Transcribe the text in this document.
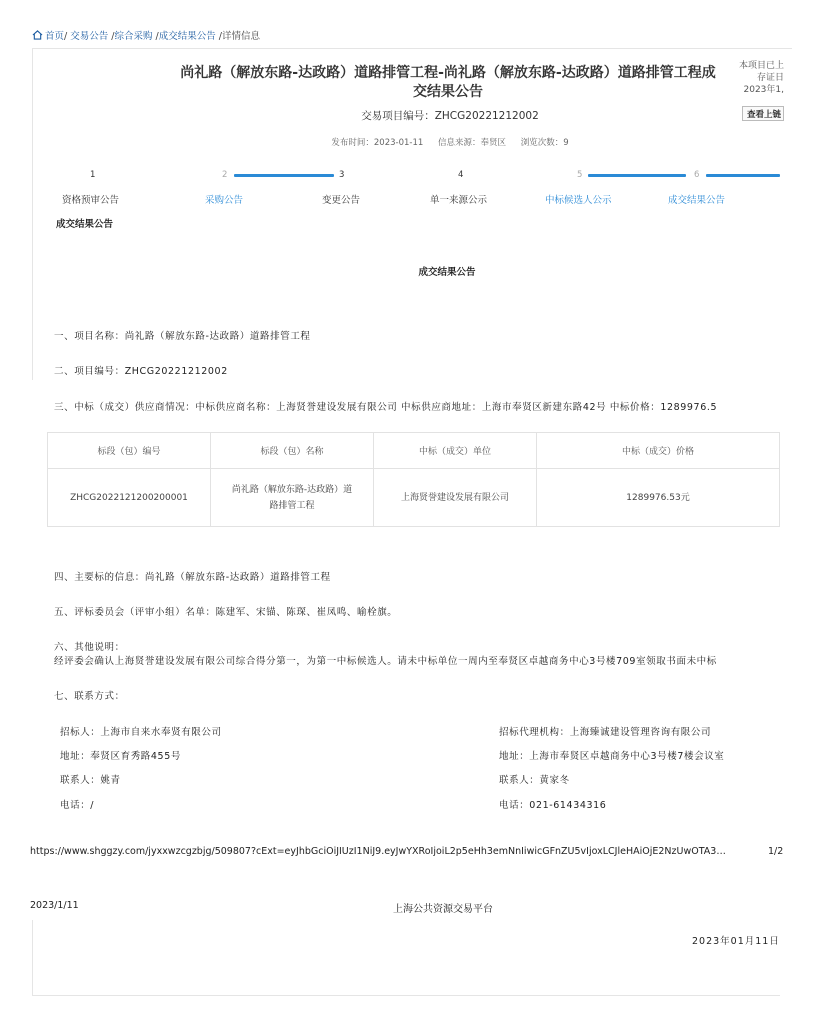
首页/ 交易公告 /综合采购 /成交结果公告 /详情信息
尚礼路（解放东路-达政路）道路排管工程-尚礼路（解放东路-达政路）道路排管工程成交结果公告
交易项目编号：ZHCG20221212002
发布时间：2023-01-11 信息来源：奉贤区 浏览次数：9
本项目已上
存证日
2023年1,
查看上链
1	2	3	4	5	6
资格预审公告	采购公告	变更公告	单一来源公示	中标候选人公示	成交结果公告
成交结果公告
成交结果公告
一、项目名称：尚礼路（解放东路-达政路）道路排管工程
二、项目编号：ZHCG20221212002
三、中标（成交）供应商情况：中标供应商名称：上海贤誉建设发展有限公司 中标供应商地址：上海市奉贤区新建东路42号 中标价格：1289976.5
标段（包）编号	标段（包）名称	中标（成交）单位	中标（成交）价格
ZHCG2022121200200001	尚礼路（解放东路-达政路）道
路排管工程	上海贤誉建设发展有限公司	1289976.53元
四、主要标的信息：尚礼路（解放东路-达政路）道路排管工程
五、评标委员会（评审小组）名单：陈建军、宋锚、陈琛、崔凤鸣、喻栓旗。
六、其他说明：
经评委会确认上海贤誉建设发展有限公司综合得分第一，为第一中标候选人。请未中标单位一周内至奉贤区卓越商务中心3号楼709室领取书面未中标
七、联系方式：
招标人：上海市自来水奉贤有限公司
地址：奉贤区育秀路455号
联系人：姚青
电话：/
招标代理机构：上海臻诚建设管理咨询有限公司
地址：上海市奉贤区卓越商务中心3号楼7楼会议室
联系人：黄家冬
电话：021-61434316
https://www.shggzy.com/jyxxwzcgzbjg/509807?cExt=eyJhbGciOiJIUzI1NiJ9.eyJwYXRoIjoiL2p5eHh3emNnIiwicGFnZU5vIjoxLCJleHAiOjE2NzUwOTA3…	1/2
2023/1/11	上海公共资源交易平台
2023年01月11日
